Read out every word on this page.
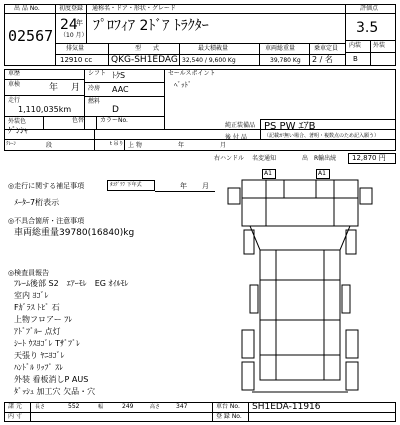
出 品 No.
02567
初度登録 通称名・ドア・形状・グレード
24
年
（10 月）
ﾌﾟﾛﾌｨｱ 2ﾄﾞｱ ﾄﾗｸﾀｰ
排気量	型　　式	最大積載量	車両総重量	乗車定員
12910 cc QKG-SH1EDAG 32,540 / 9,600 Kg	39,780 Kg 2 / 名
評価点
3.5
内装 外装
B
車歴
車検	年 月
走行
1,110,035km
外装色
ｹﾞﾝｼｬ
色替	カラーNo.
シフト ﾄｸS
冷房 AAC
燃料
D
セールスポイント
ﾍﾞｯﾄﾞ
純正装備品 PS PW ｴｱB
後 付 品	（記載が無い場合、著明・複数点のため記入願う）
ｸﾚｰﾝ	段	t 吊り 上 物	年	月
◎走行に関する補足事項	ﾀｺｸﾞﾗﾌ 下年式	年 月
ﾒｰﾀｰ7桁表示
◎不具合箇所・注意事項
車両総重量39780(16840)kg
◎検査員報告
ﾌﾚｰﾑ後部 S2　ｴｱｰﾓﾚ　EG ｵｲﾙﾓﾚ
室内 ﾖｺﾞﾚ
Fｶﾞﾗｽ ﾄﾋﾞ 石
上物フロアー ﾌﾚ
ｱﾄﾞﾌﾞﾙｰ 点灯
ｼｰﾄ ｳｽﾖｺﾞﾚ Tｻﾞﾌﾞﾚ
天張り ﾔﾆﾖｺﾞﾚ
ﾊﾝﾄﾞﾙ ﾘｯﾌﾟ ｽﾚ
外装 看板消しP AUS
ﾀﾞｯｼｭ 加工穴 欠品・穴
右ハンドル 名変通知	出　R輸出続 12,870 円
A1	A1
諸 元	長さ	552	幅	249	高さ	347	車台 No. SH1EDA-11916
内 寸	登 録 No.
